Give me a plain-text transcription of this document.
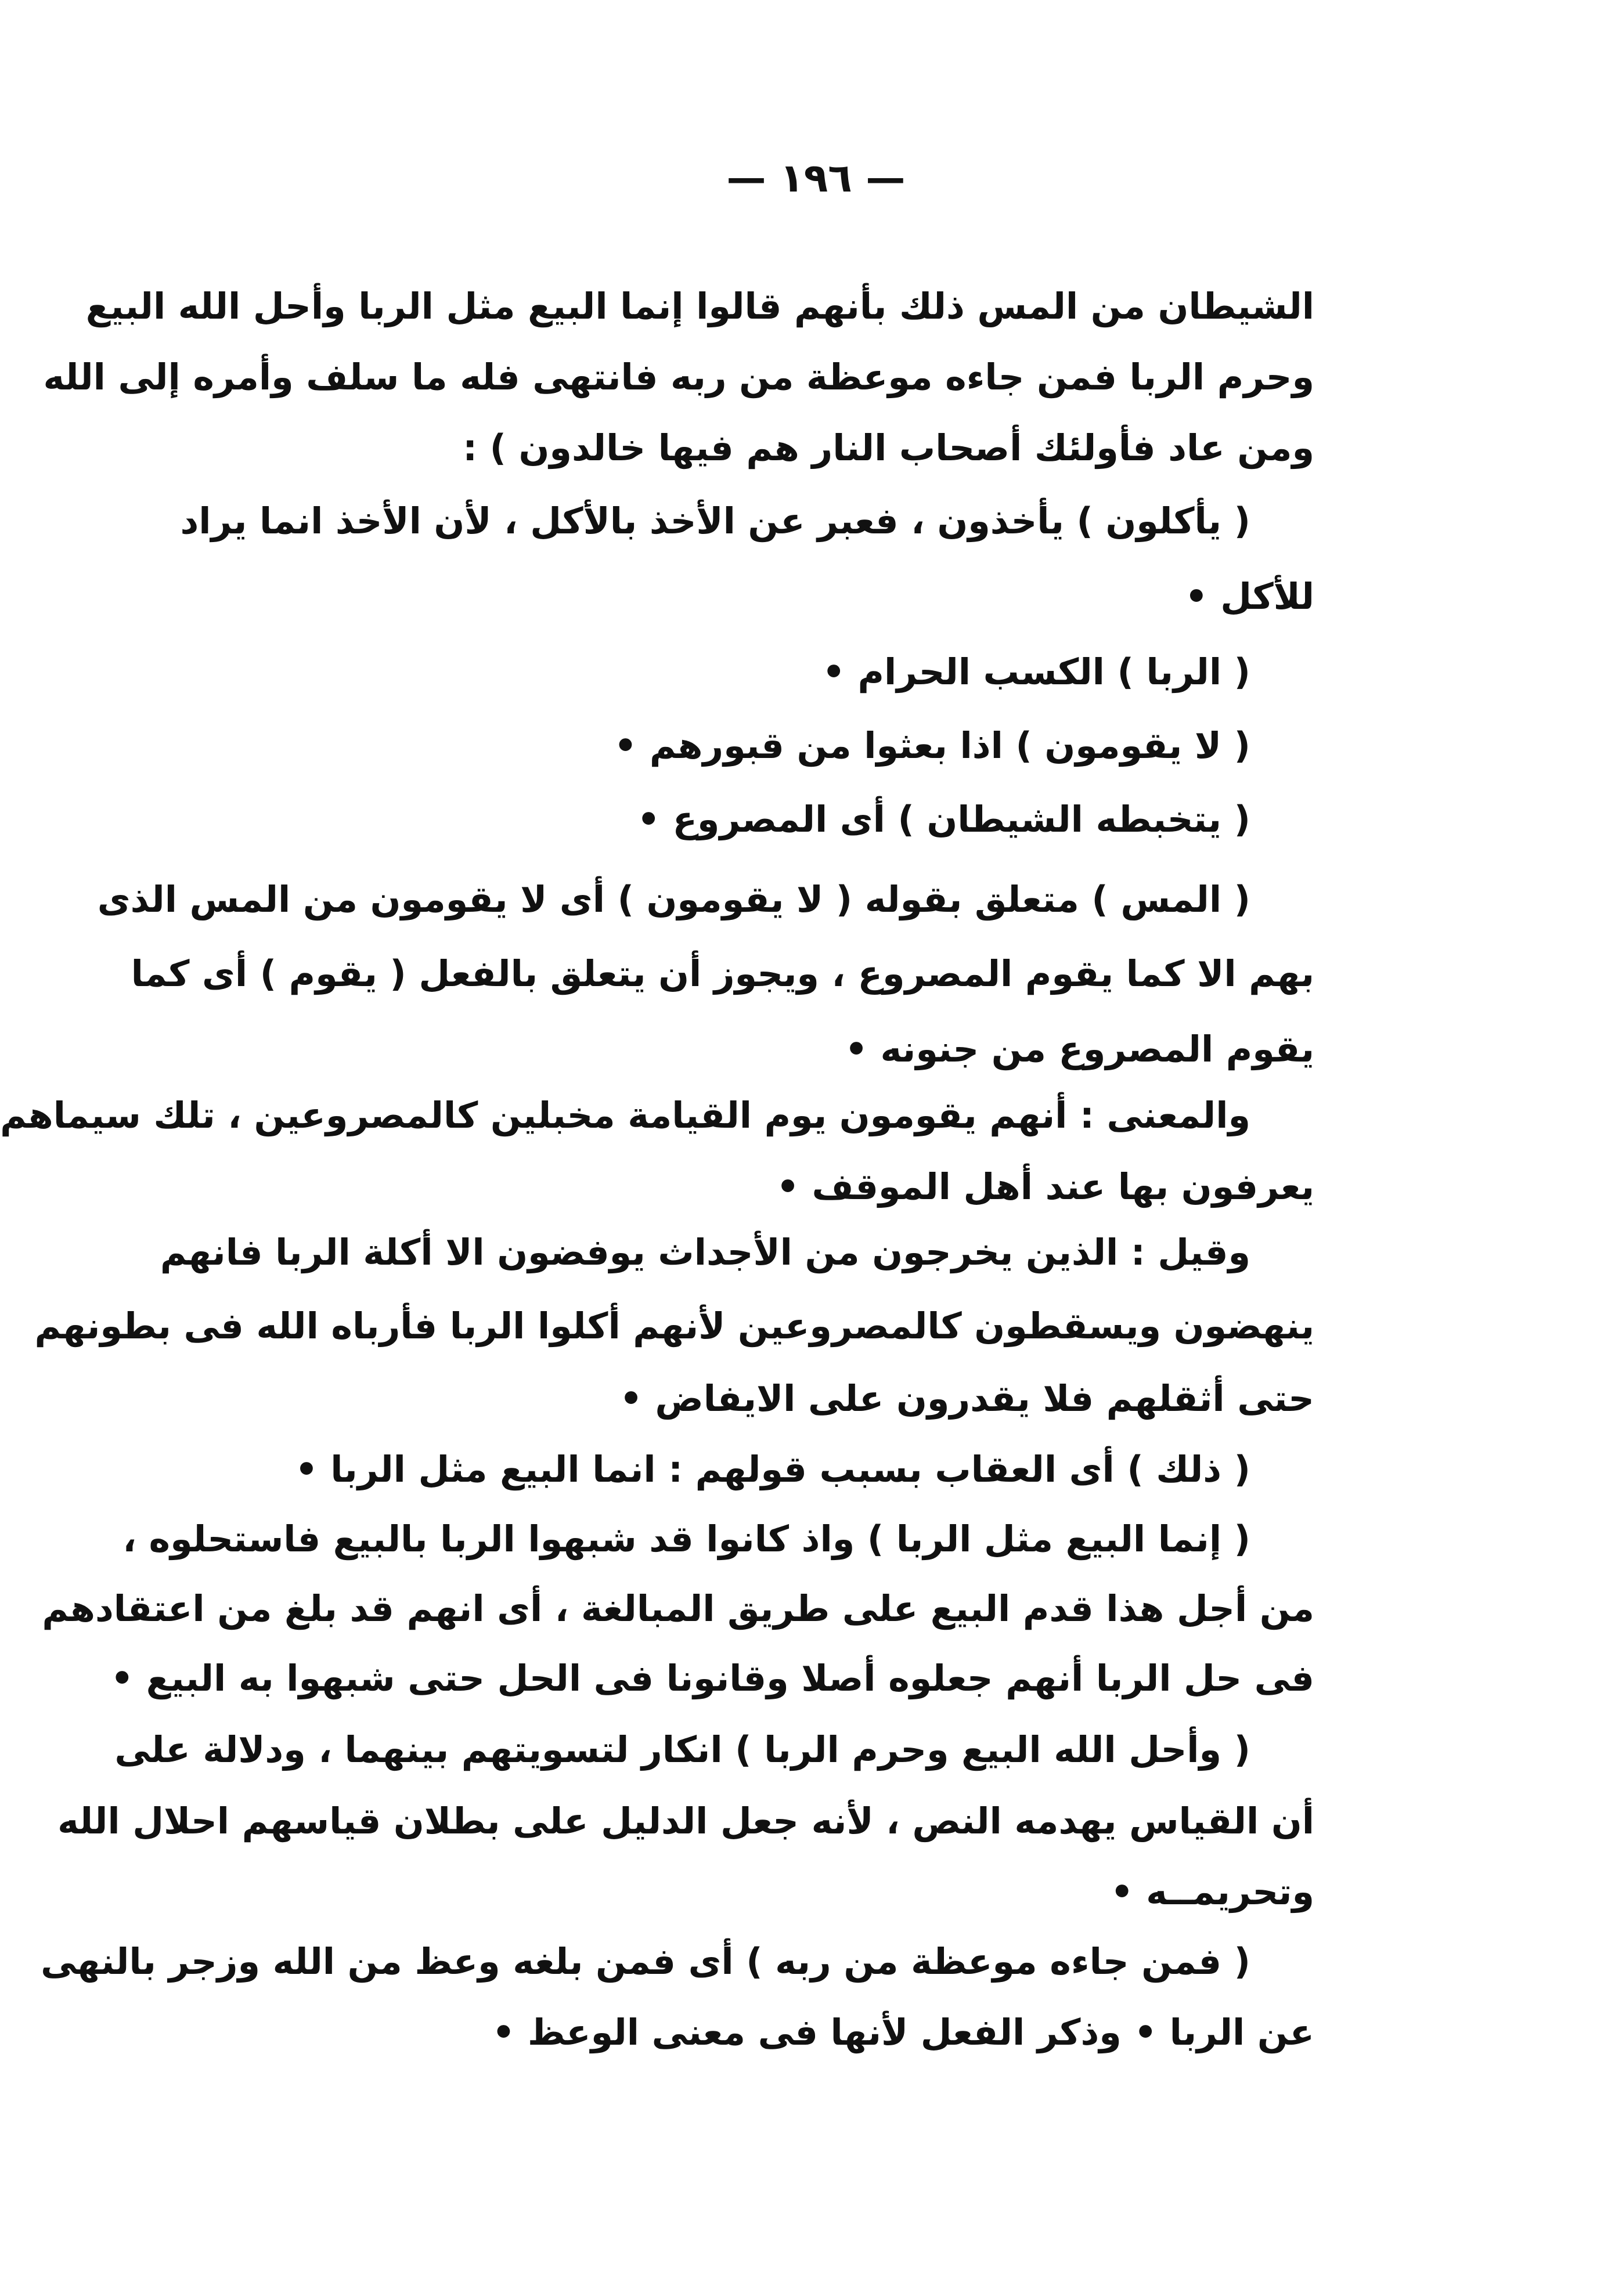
— ١٩٦ —
الشيطان من المس ذلك بأنهم قالوا إنما البيع مثل الربا وأحل الله البيع
وحرم الربا فمن جاءه موعظة من ربه فانتهى فله ما سلف وأمره إلى الله
ومن عاد فأولئك أصحاب النار هم فيها خالدون ) :
( يأكلون ) يأخذون ، فعبر عن الأخذ بالأكل ، لأن الأخذ انما يراد
للأكل •
( الربا ) الكسب الحرام •
( لا يقومون ) اذا بعثوا من قبورهم •
( يتخبطه الشيطان ) أى المصروع •
( المس ) متعلق بقوله ( لا يقومون ) أى لا يقومون من المس الذى
بهم الا كما يقوم المصروع ، ويجوز أن يتعلق بالفعل ( يقوم ) أى كما
يقوم المصروع من جنونه •
والمعنى : أنهم يقومون يوم القيامة مخبلين كالمصروعين ، تلك سيماهم
يعرفون بها عند أهل الموقف •
وقيل : الذين يخرجون من الأجداث يوفضون الا أكلة الربا فانهم
ينهضون ويسقطون كالمصروعين لأنهم أكلوا الربا فأرباه الله فى بطونهم
حتى أثقلهم فلا يقدرون على الايفاض •
( ذلك ) أى العقاب بسبب قولهم : انما البيع مثل الربا •
( إنما البيع مثل الربا ) واذ كانوا قد شبهوا الربا بالبيع فاستحلوه ،
من أجل هذا قدم البيع على طريق المبالغة ، أى انهم قد بلغ من اعتقادهم
فى حل الربا أنهم جعلوه أصلا وقانونا فى الحل حتى شبهوا به البيع •
( وأحل الله البيع وحرم الربا ) انكار لتسويتهم بينهما ، ودلالة على
أن القياس يهدمه النص ، لأنه جعل الدليل على بطلان قياسهم احلال الله
وتحريمــه •
( فمن جاءه موعظة من ربه ) أى فمن بلغه وعظ من الله وزجر بالنهى
عن الربا • وذكر الفعل لأنها فى معنى الوعظ •
